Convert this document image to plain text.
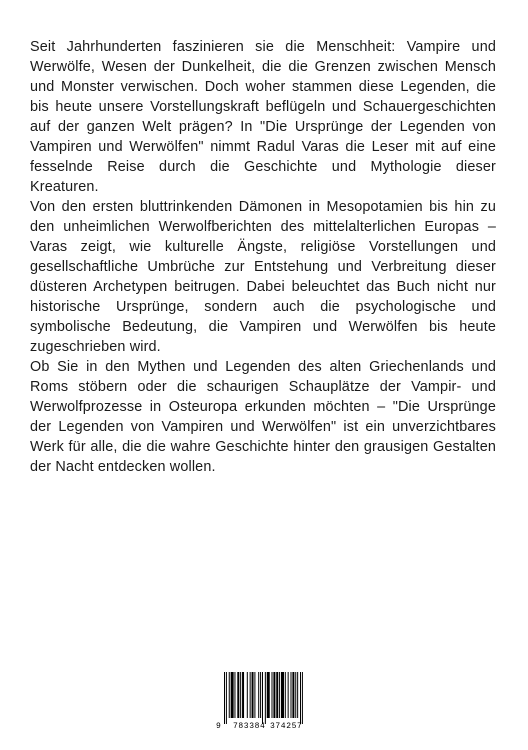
Seit Jahrhunderten faszinieren sie die Menschheit: Vampire und Werwölfe, Wesen der Dunkelheit, die die Grenzen zwischen Mensch und Monster verwischen. Doch woher stammen diese Legenden, die bis heute unsere Vorstellungskraft beflügeln und Schauergeschichten auf der ganzen Welt prägen? In "Die Ursprünge der Legenden von Vampiren und Werwölfen" nimmt Radul Varas die Leser mit auf eine fesselnde Reise durch die Geschichte und Mythologie dieser Kreaturen.

Von den ersten bluttrinkenden Dämonen in Mesopotamien bis hin zu den unheimlichen Werwolfberichten des mittelalterlichen Europas – Varas zeigt, wie kulturelle Ängste, religiöse Vorstellungen und gesellschaftliche Umbrüche zur Entstehung und Verbreitung dieser düsteren Archetypen beitrugen. Dabei beleuchtet das Buch nicht nur historische Ursprünge, sondern auch die psychologische und symbolische Bedeutung, die Vampiren und Werwölfen bis heute zugeschrieben wird.

Ob Sie in den Mythen und Legenden des alten Griechenlands und Roms stöbern oder die schaurigen Schauplätze der Vampir- und Werwolfprozesse in Osteuropa erkunden möchten – "Die Ursprünge der Legenden von Vampiren und Werwölfen" ist ein unverzichtbares Werk für alle, die die wahre Geschichte hinter den grausigen Gestalten der Nacht entdecken wollen.

9 783384 374257
